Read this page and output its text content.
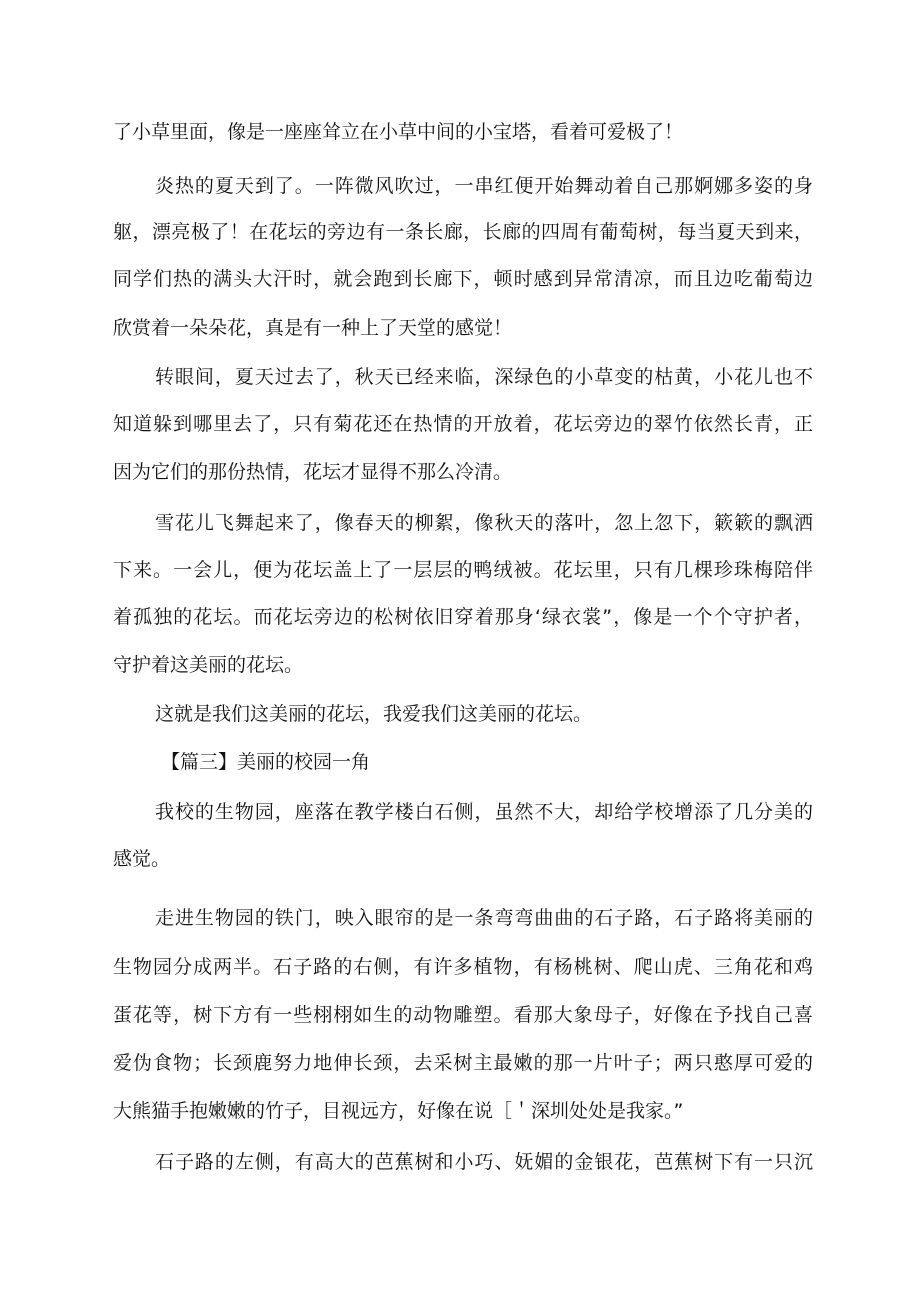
了小草里面，像是一座座耸立在小草中间的小宝塔，看着可爱极了！
炎热的夏天到了。一阵微风吹过，一串红便开始舞动着自己那婀娜多姿的身
躯，漂亮极了！在花坛的旁边有一条长廊，长廊的四周有葡萄树，每当夏天到来，
同学们热的满头大汗时，就会跑到长廊下，顿时感到异常清凉，而且边吃葡萄边
欣赏着一朵朵花，真是有一种上了天堂的感觉！
转眼间，夏天过去了，秋天已经来临，深绿色的小草变的枯黄，小花儿也不
知道躲到哪里去了，只有菊花还在热情的开放着，花坛旁边的翠竹依然长青，正
因为它们的那份热情，花坛才显得不那么冷清。
雪花儿飞舞起来了，像春天的柳絮，像秋天的落叶，忽上忽下，簌簌的飘洒
下来。一会儿，便为花坛盖上了一层层的鸭绒被。花坛里，只有几棵珍珠梅陪伴
着孤独的花坛。而花坛旁边的松树依旧穿着那身‘绿衣裳”，像是一个个守护者，
守护着这美丽的花坛。
这就是我们这美丽的花坛，我爱我们这美丽的花坛。
【篇三】美丽的校园一角
我校的生物园，座落在教学楼白石侧，虽然不大，却给学校增添了几分美的
感觉。
走进生物园的铁门，映入眼帘的是一条弯弯曲曲的石子路，石子路将美丽的
生物园分成两半。石子路的右侧，有许多植物，有杨桃树、爬山虎、三角花和鸡
蛋花等，树下方有一些栩栩如生的动物雕塑。看那大象母子，好像在予找自己喜
爱伪食物；长颈鹿努力地伸长颈，去采树主最嫩的那一片叶子；两只憨厚可爱的
大熊猫手抱嫩嫩的竹子，目视远方，好像在说［＇深圳处处是我家。”
石子路的左侧，有高大的芭蕉树和小巧、妩媚的金银花，芭蕉树下有一只沉
